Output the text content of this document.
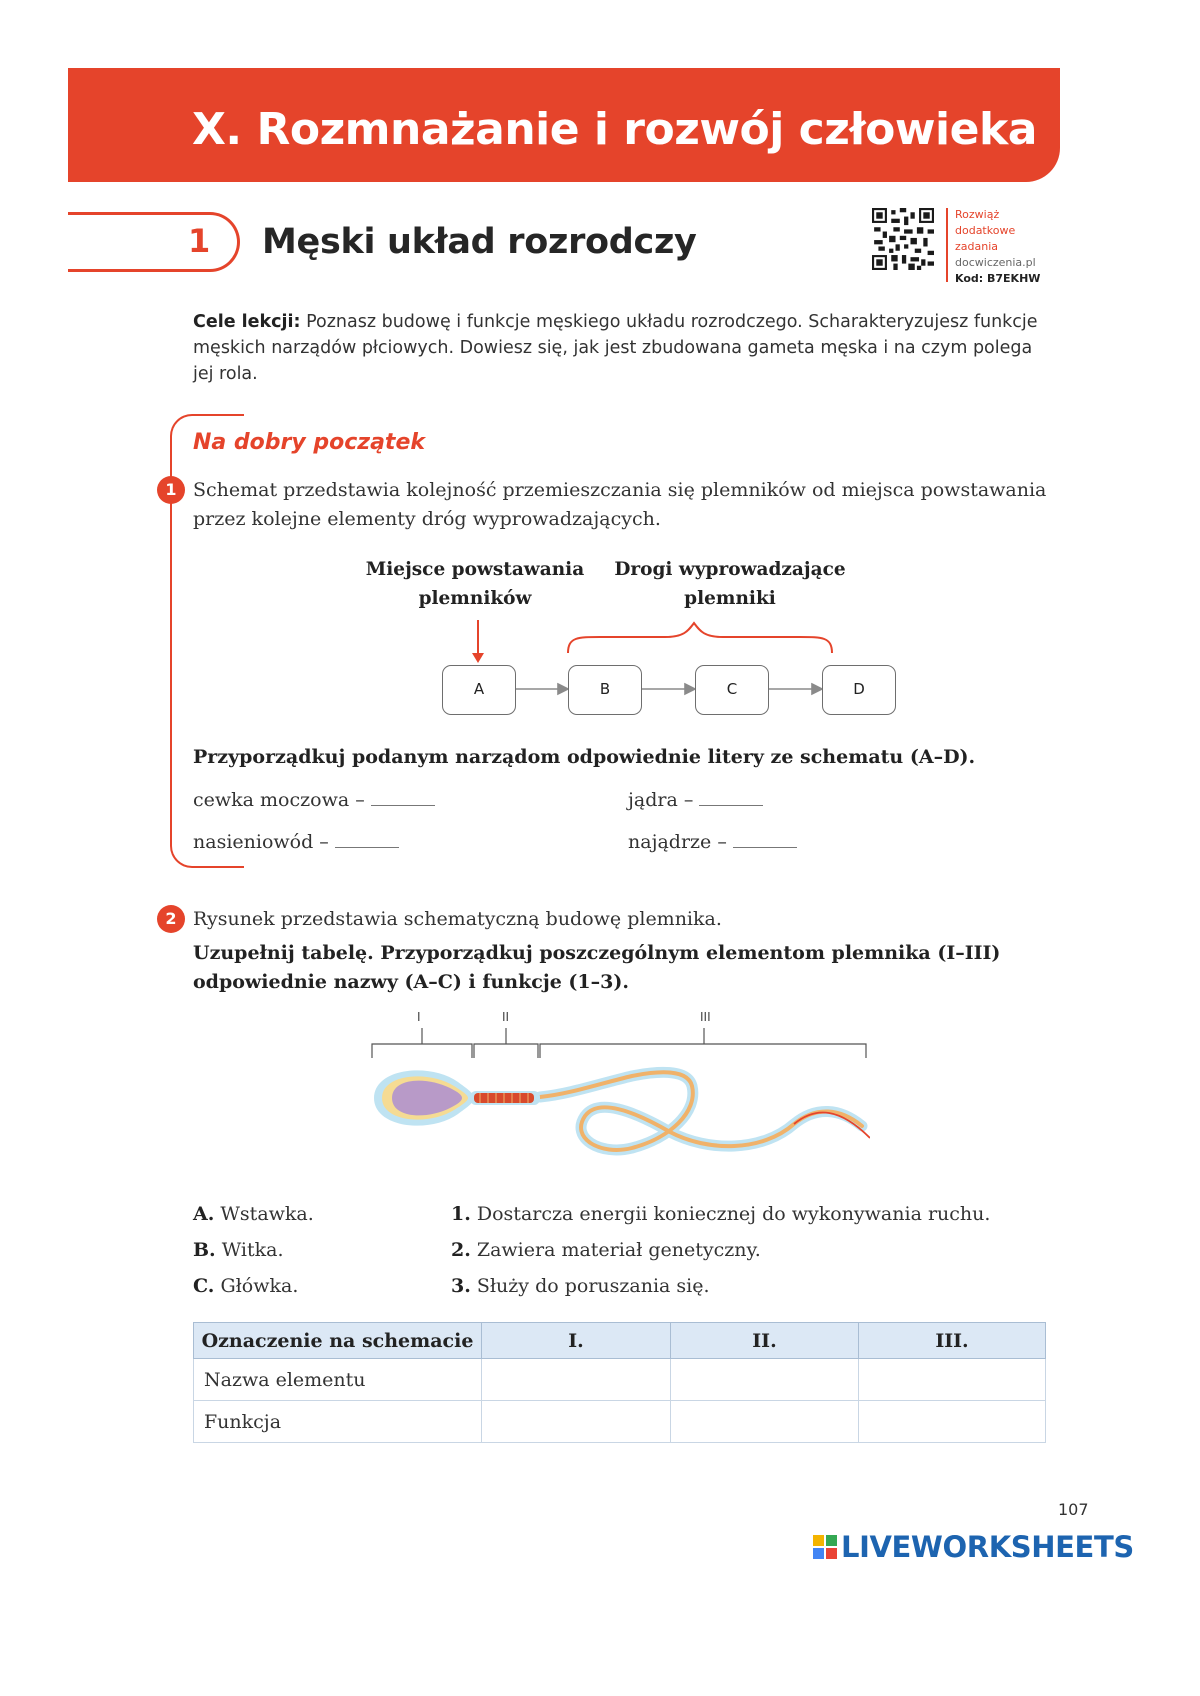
X. Rozmnażanie i rozwój człowieka
1 Męski układ rozrodczy
Rozwiąż
dodatkowe
zadania
docwiczenia.pl
Kod: B7EKHW
Cele lekcji: Poznasz budowę i funkcje męskiego układu rozrodczego. Scharakteryzujesz funkcje męskich narządów płciowych. Dowiesz się, jak jest zbudowana gameta męska i na czym polega jej rola.
Na dobry początek
1 Schemat przedstawia kolejność przemieszczania się plemników od miejsca powstawania przez kolejne elementy dróg wyprowadzających.
Miejsce powstawania
plemników
Drogi wyprowadzające
plemniki
A	B	C	D
Przyporządkuj podanym narządom odpowiednie litery ze schematu (A–D).
cewka moczowa –	jądra –
nasieniowód –	najądrze –
2 Rysunek przedstawia schematyczną budowę plemnika.
Uzupełnij tabelę. Przyporządkuj poszczególnym elementom plemnika (I–III) odpowiednie nazwy (A–C) i funkcje (1–3).
I	II	III
A. Wstawka.
B. Witka.
C. Główka.
1. Dostarcza energii koniecznej do wykonywania ruchu.
2. Zawiera materiał genetyczny.
3. Służy do poruszania się.
Oznaczenie na schemacie	I.	II.	III.
Nazwa elementu			
Funkcja			
107
LIVEWORKSHEETS
